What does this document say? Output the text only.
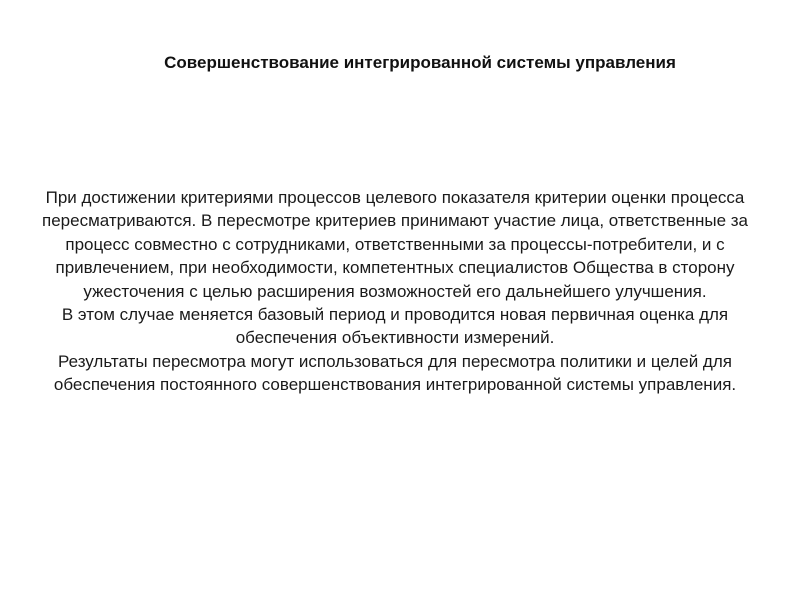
Совершенствование интегрированной системы управления

При достижении критериями процессов целевого показателя критерии оценки процесса пересматриваются. В пересмотре критериев принимают участие лица, ответственные за процесс совместно с сотрудниками, ответственными за процессы-потребители, и с привлечением, при необходимости, компетентных специалистов Общества в сторону ужесточения с целью расширения возможностей его дальнейшего улучшения.

В этом случае меняется базовый период и проводится новая первичная оценка для обеспечения объективности измерений.

Результаты пересмотра могут использоваться для пересмотра политики и целей для обеспечения постоянного совершенствования интегрированной системы управления.
